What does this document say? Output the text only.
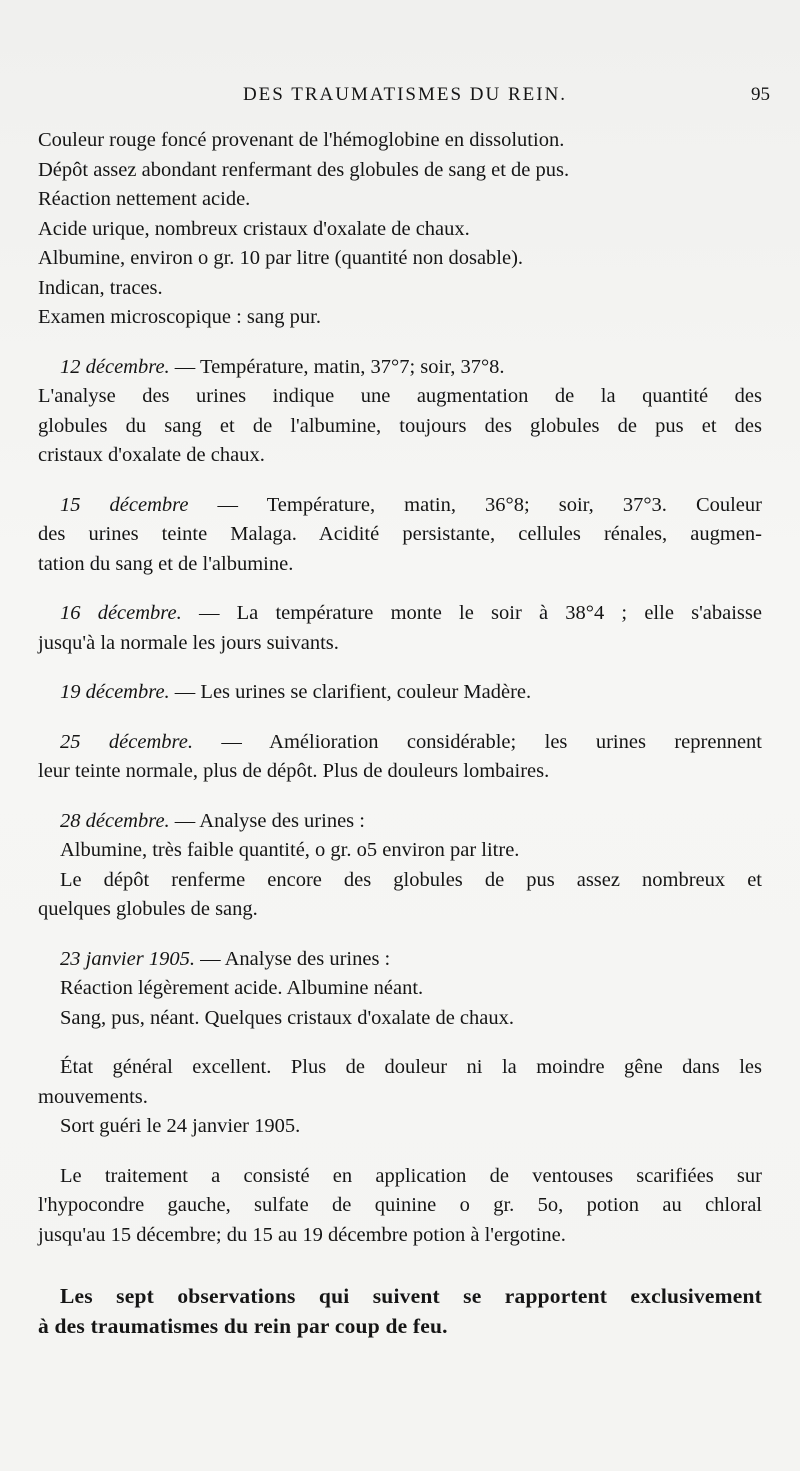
DES TRAUMATISMES DU REIN.	95

Couleur rouge foncé provenant de l'hémoglobine en dissolution.

Dépôt assez abondant renfermant des globules de sang et de pus.

Réaction nettement acide.

Acide urique, nombreux cristaux d'oxalate de chaux.

Albumine, environ o gr. 10 par litre (quantité non dosable).

Indican, traces.

Examen microscopique : sang pur.

12 décembre. — Température, matin, 37°7; soir, 37°8.

L'analyse des urines indique une augmentation de la quantité des

globules du sang et de l'albumine, toujours des globules de pus et des

cristaux d'oxalate de chaux.

15 décembre — Température, matin, 36°8; soir, 37°3. Couleur

des urines teinte Malaga. Acidité persistante, cellules rénales, augmen-

tation du sang et de l'albumine.

16 décembre. — La température monte le soir à 38°4 ; elle s'abaisse

jusqu'à la normale les jours suivants.

19 décembre. — Les urines se clarifient, couleur Madère.

25 décembre. — Amélioration considérable; les urines reprennent

leur teinte normale, plus de dépôt. Plus de douleurs lombaires.

28 décembre. — Analyse des urines :

Albumine, très faible quantité, o gr. o5 environ par litre.

Le dépôt renferme encore des globules de pus assez nombreux et

quelques globules de sang.

23 janvier 1905. — Analyse des urines :

Réaction légèrement acide. Albumine néant.

Sang, pus, néant. Quelques cristaux d'oxalate de chaux.

État général excellent. Plus de douleur ni la moindre gêne dans les

mouvements.

Sort guéri le 24 janvier 1905.

Le traitement a consisté en application de ventouses scarifiées sur

l'hypocondre gauche, sulfate de quinine o gr. 5o, potion au chloral

jusqu'au 15 décembre; du 15 au 19 décembre potion à l'ergotine.

Les sept observations qui suivent se rapportent exclusivement

à des traumatismes du rein par coup de feu.
